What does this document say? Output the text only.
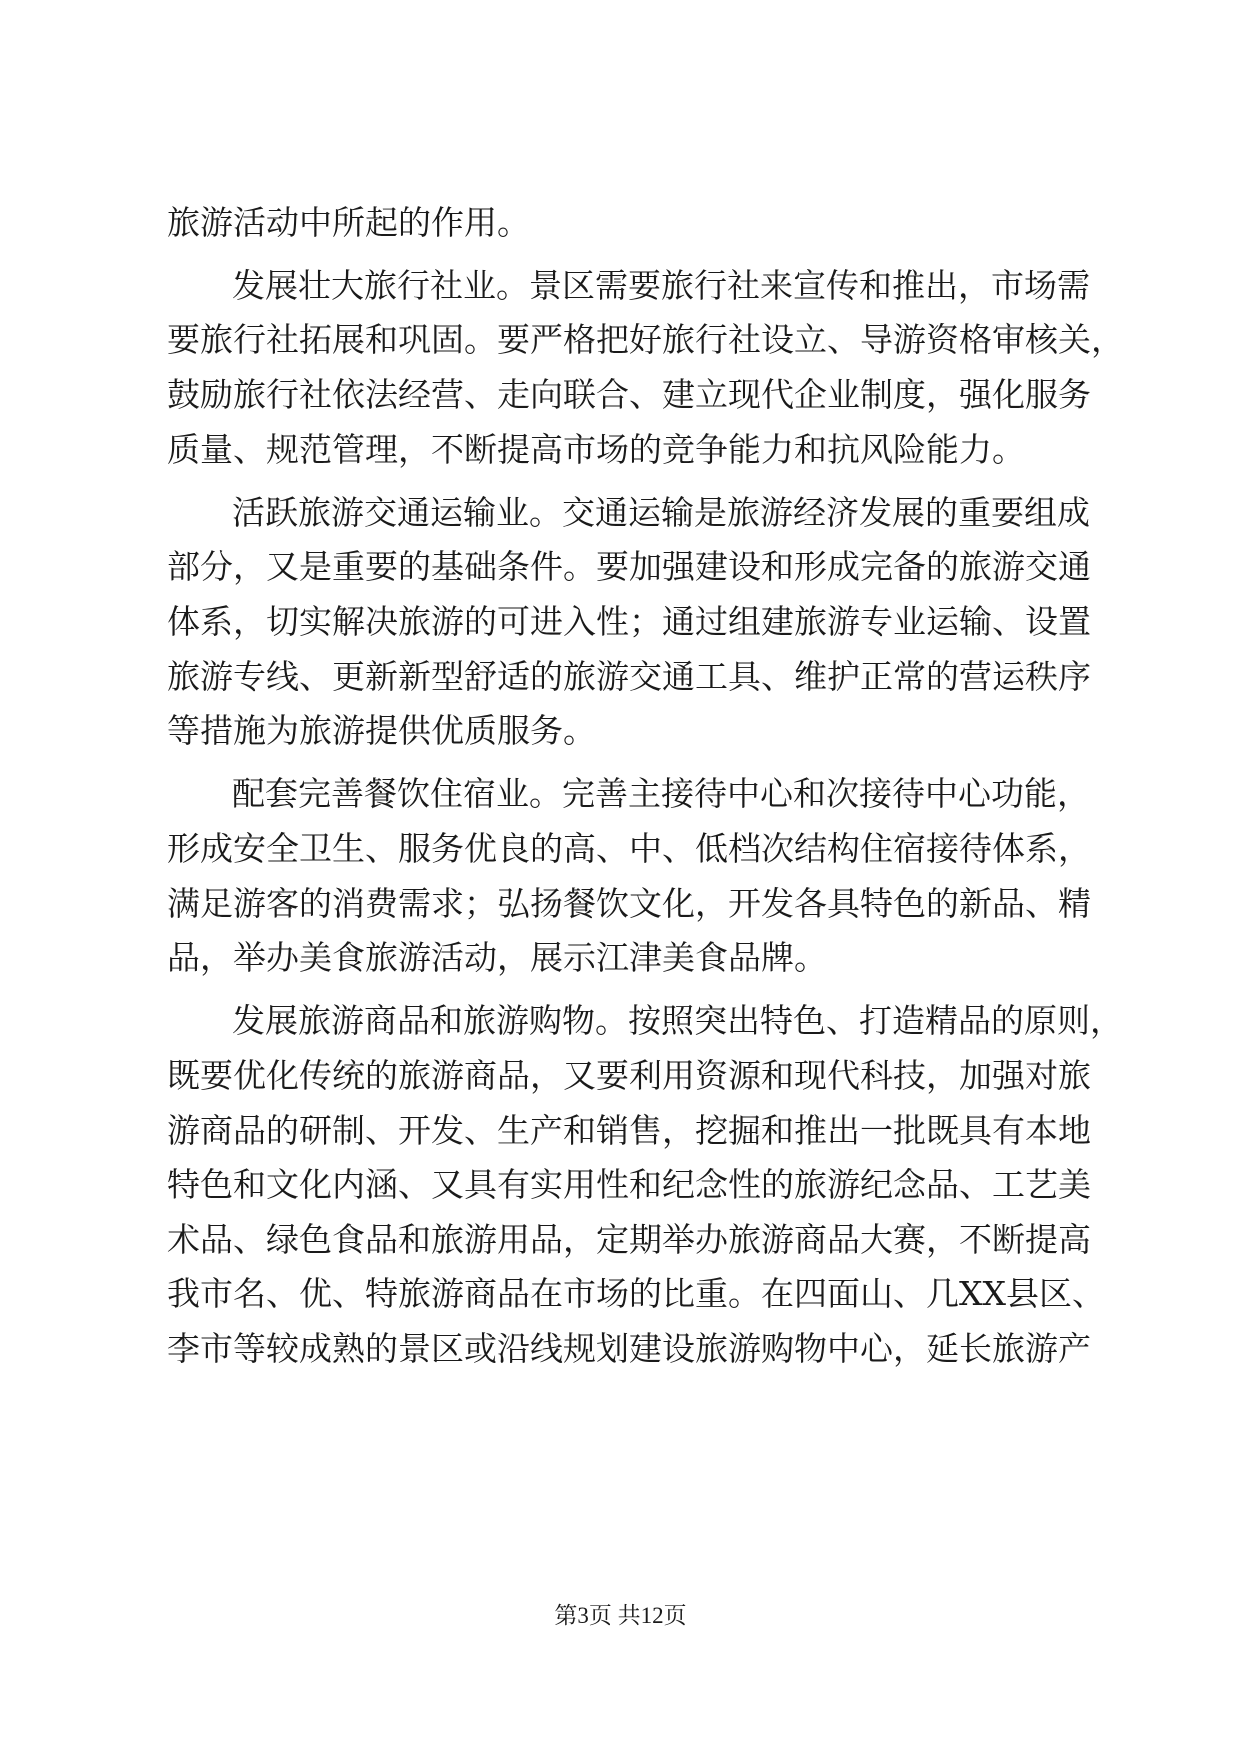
旅游活动中所起的作用。
发展壮大旅行社业。景区需要旅行社来宣传和推出，市场需
要旅行社拓展和巩固。要严格把好旅行社设立、导游资格审核关，
鼓励旅行社依法经营、走向联合、建立现代企业制度，强化服务
质量、规范管理，不断提高市场的竞争能力和抗风险能力。
活跃旅游交通运输业。交通运输是旅游经济发展的重要组成
部分，又是重要的基础条件。要加强建设和形成完备的旅游交通
体系，切实解决旅游的可进入性；通过组建旅游专业运输、设置
旅游专线、更新新型舒适的旅游交通工具、维护正常的营运秩序
等措施为旅游提供优质服务。
配套完善餐饮住宿业。完善主接待中心和次接待中心功能，
形成安全卫生、服务优良的高、中、低档次结构住宿接待体系，
满足游客的消费需求；弘扬餐饮文化，开发各具特色的新品、精
品，举办美食旅游活动，展示江津美食品牌。
发展旅游商品和旅游购物。按照突出特色、打造精品的原则，
既要优化传统的旅游商品，又要利用资源和现代科技，加强对旅
游商品的研制、开发、生产和销售，挖掘和推出一批既具有本地
特色和文化内涵、又具有实用性和纪念性的旅游纪念品、工艺美
术品、绿色食品和旅游用品，定期举办旅游商品大赛，不断提高
我市名、优、特旅游商品在市场的比重。在四面山、几XX县区、
李市等较成熟的景区或沿线规划建设旅游购物中心，延长旅游产
第3页 共12页
